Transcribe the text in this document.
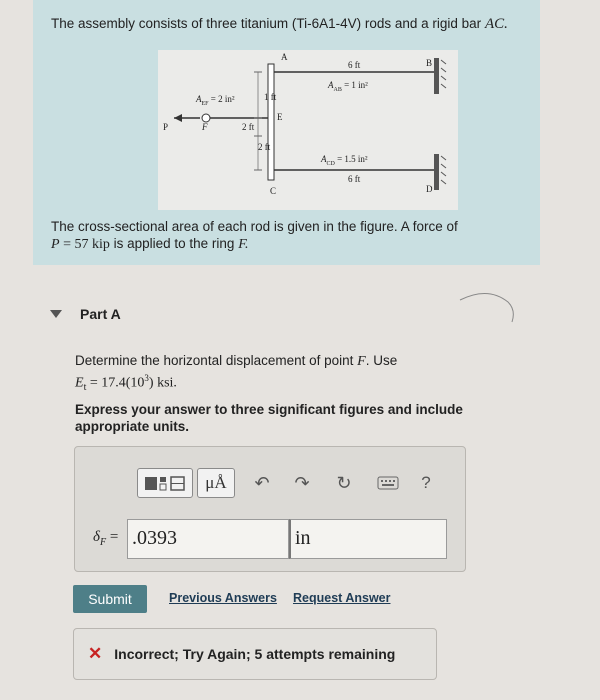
The assembly consists of three titanium (Ti-6A1-4V) rods and a rigid bar AC.
A
B
C	D
E
P	F
6 ft
6 ft
$A_{AB} = 1$ in²
$A_{CD} = 1.5$ in²
$A_{EF} = 2$ in²	1 ft
2 ft
2 ft
The cross-sectional area of each rod is given in the figure. A force of
P = 57 kip is applied to the ring F.
Part A
Determine the horizontal displacement of point F. Use
$E_t = 17.4(10^3)$ ksi.
Express your answer to three significant figures and include appropriate units.
μÅ	↶	↷	↻	?
$\delta_F = .0393$	in
Submit	Previous Answers Request Answer
✕ Incorrect; Try Again; 5 attempts remaining
